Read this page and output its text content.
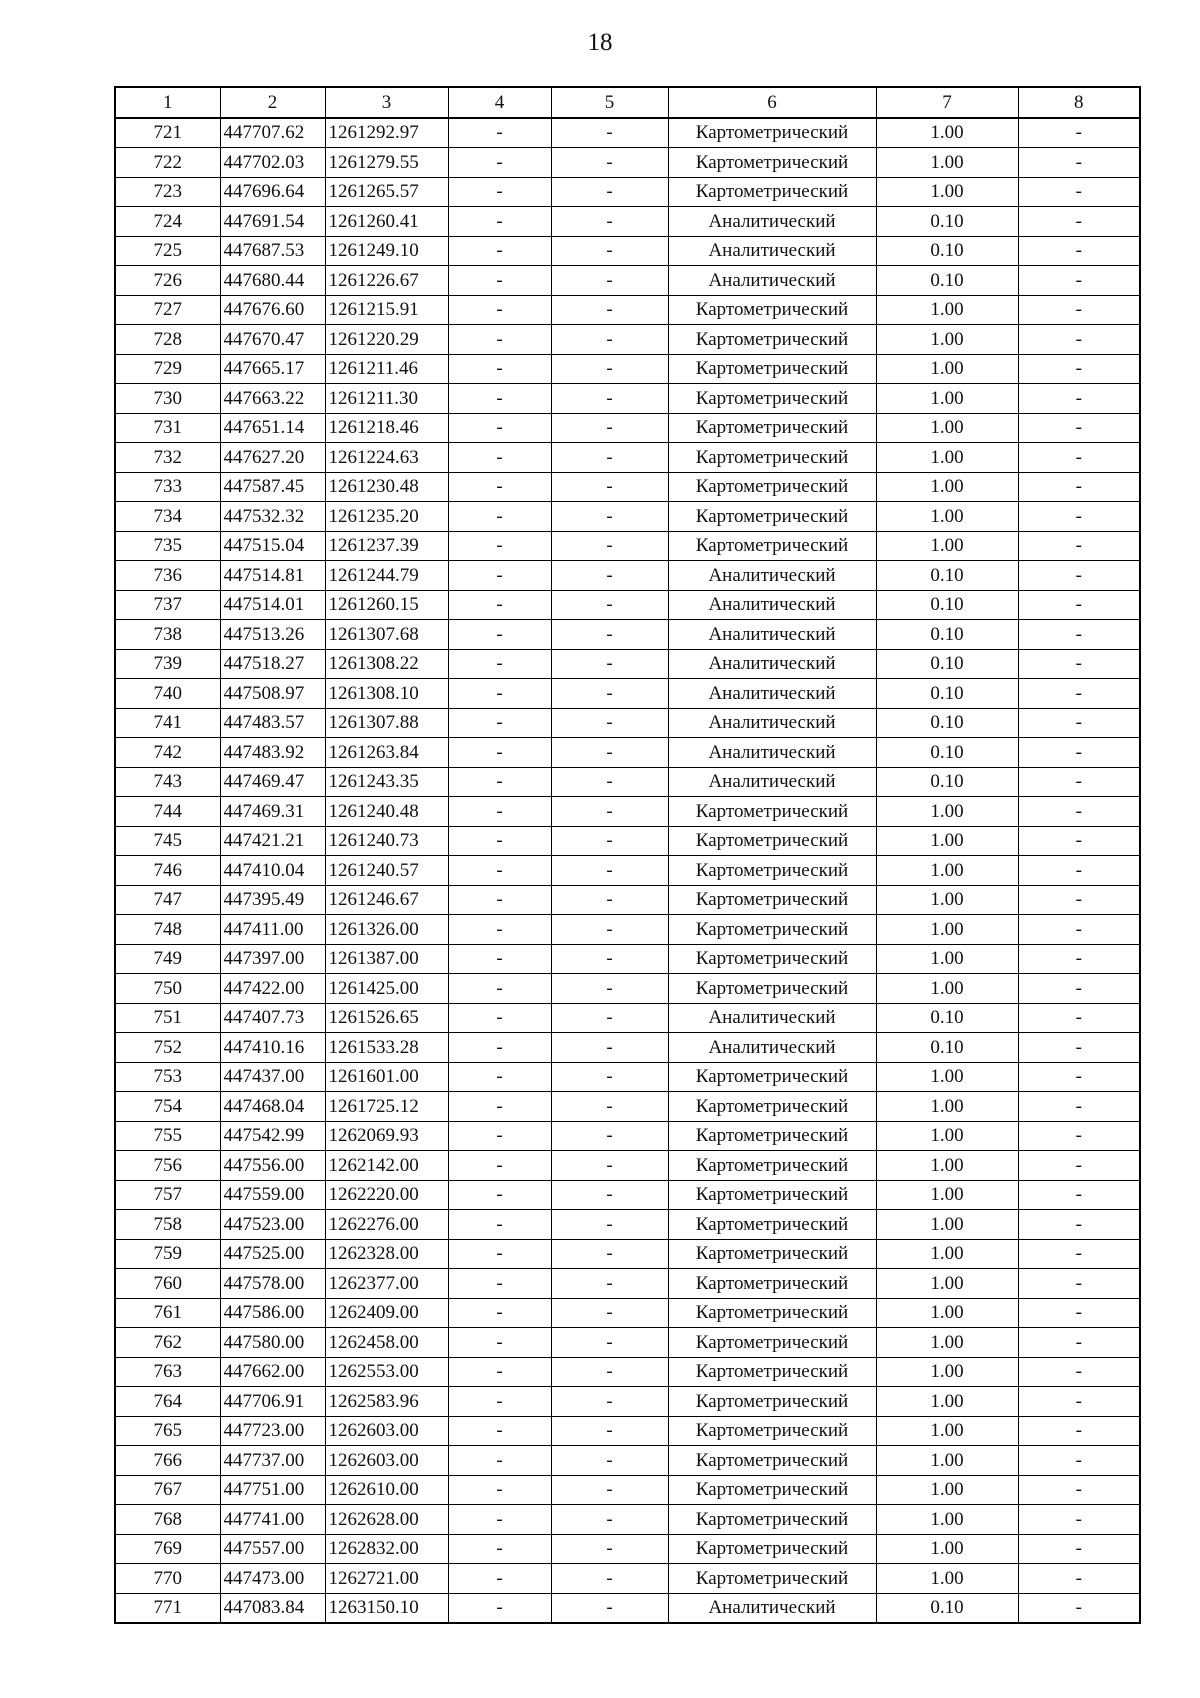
18
1	2	3	4	5	6	7	8
721	447707.62	1261292.97	-	-	Картометрический	1.00	-
722	447702.03	1261279.55	-	-	Картометрический	1.00	-
723	447696.64	1261265.57	-	-	Картометрический	1.00	-
724	447691.54	1261260.41	-	-	Аналитический	0.10	-
725	447687.53	1261249.10	-	-	Аналитический	0.10	-
726	447680.44	1261226.67	-	-	Аналитический	0.10	-
727	447676.60	1261215.91	-	-	Картометрический	1.00	-
728	447670.47	1261220.29	-	-	Картометрический	1.00	-
729	447665.17	1261211.46	-	-	Картометрический	1.00	-
730	447663.22	1261211.30	-	-	Картометрический	1.00	-
731	447651.14	1261218.46	-	-	Картометрический	1.00	-
732	447627.20	1261224.63	-	-	Картометрический	1.00	-
733	447587.45	1261230.48	-	-	Картометрический	1.00	-
734	447532.32	1261235.20	-	-	Картометрический	1.00	-
735	447515.04	1261237.39	-	-	Картометрический	1.00	-
736	447514.81	1261244.79	-	-	Аналитический	0.10	-
737	447514.01	1261260.15	-	-	Аналитический	0.10	-
738	447513.26	1261307.68	-	-	Аналитический	0.10	-
739	447518.27	1261308.22	-	-	Аналитический	0.10	-
740	447508.97	1261308.10	-	-	Аналитический	0.10	-
741	447483.57	1261307.88	-	-	Аналитический	0.10	-
742	447483.92	1261263.84	-	-	Аналитический	0.10	-
743	447469.47	1261243.35	-	-	Аналитический	0.10	-
744	447469.31	1261240.48	-	-	Картометрический	1.00	-
745	447421.21	1261240.73	-	-	Картометрический	1.00	-
746	447410.04	1261240.57	-	-	Картометрический	1.00	-
747	447395.49	1261246.67	-	-	Картометрический	1.00	-
748	447411.00	1261326.00	-	-	Картометрический	1.00	-
749	447397.00	1261387.00	-	-	Картометрический	1.00	-
750	447422.00	1261425.00	-	-	Картометрический	1.00	-
751	447407.73	1261526.65	-	-	Аналитический	0.10	-
752	447410.16	1261533.28	-	-	Аналитический	0.10	-
753	447437.00	1261601.00	-	-	Картометрический	1.00	-
754	447468.04	1261725.12	-	-	Картометрический	1.00	-
755	447542.99	1262069.93	-	-	Картометрический	1.00	-
756	447556.00	1262142.00	-	-	Картометрический	1.00	-
757	447559.00	1262220.00	-	-	Картометрический	1.00	-
758	447523.00	1262276.00	-	-	Картометрический	1.00	-
759	447525.00	1262328.00	-	-	Картометрический	1.00	-
760	447578.00	1262377.00	-	-	Картометрический	1.00	-
761	447586.00	1262409.00	-	-	Картометрический	1.00	-
762	447580.00	1262458.00	-	-	Картометрический	1.00	-
763	447662.00	1262553.00	-	-	Картометрический	1.00	-
764	447706.91	1262583.96	-	-	Картометрический	1.00	-
765	447723.00	1262603.00	-	-	Картометрический	1.00	-
766	447737.00	1262603.00	-	-	Картометрический	1.00	-
767	447751.00	1262610.00	-	-	Картометрический	1.00	-
768	447741.00	1262628.00	-	-	Картометрический	1.00	-
769	447557.00	1262832.00	-	-	Картометрический	1.00	-
770	447473.00	1262721.00	-	-	Картометрический	1.00	-
771	447083.84	1263150.10	-	-	Аналитический	0.10	-
